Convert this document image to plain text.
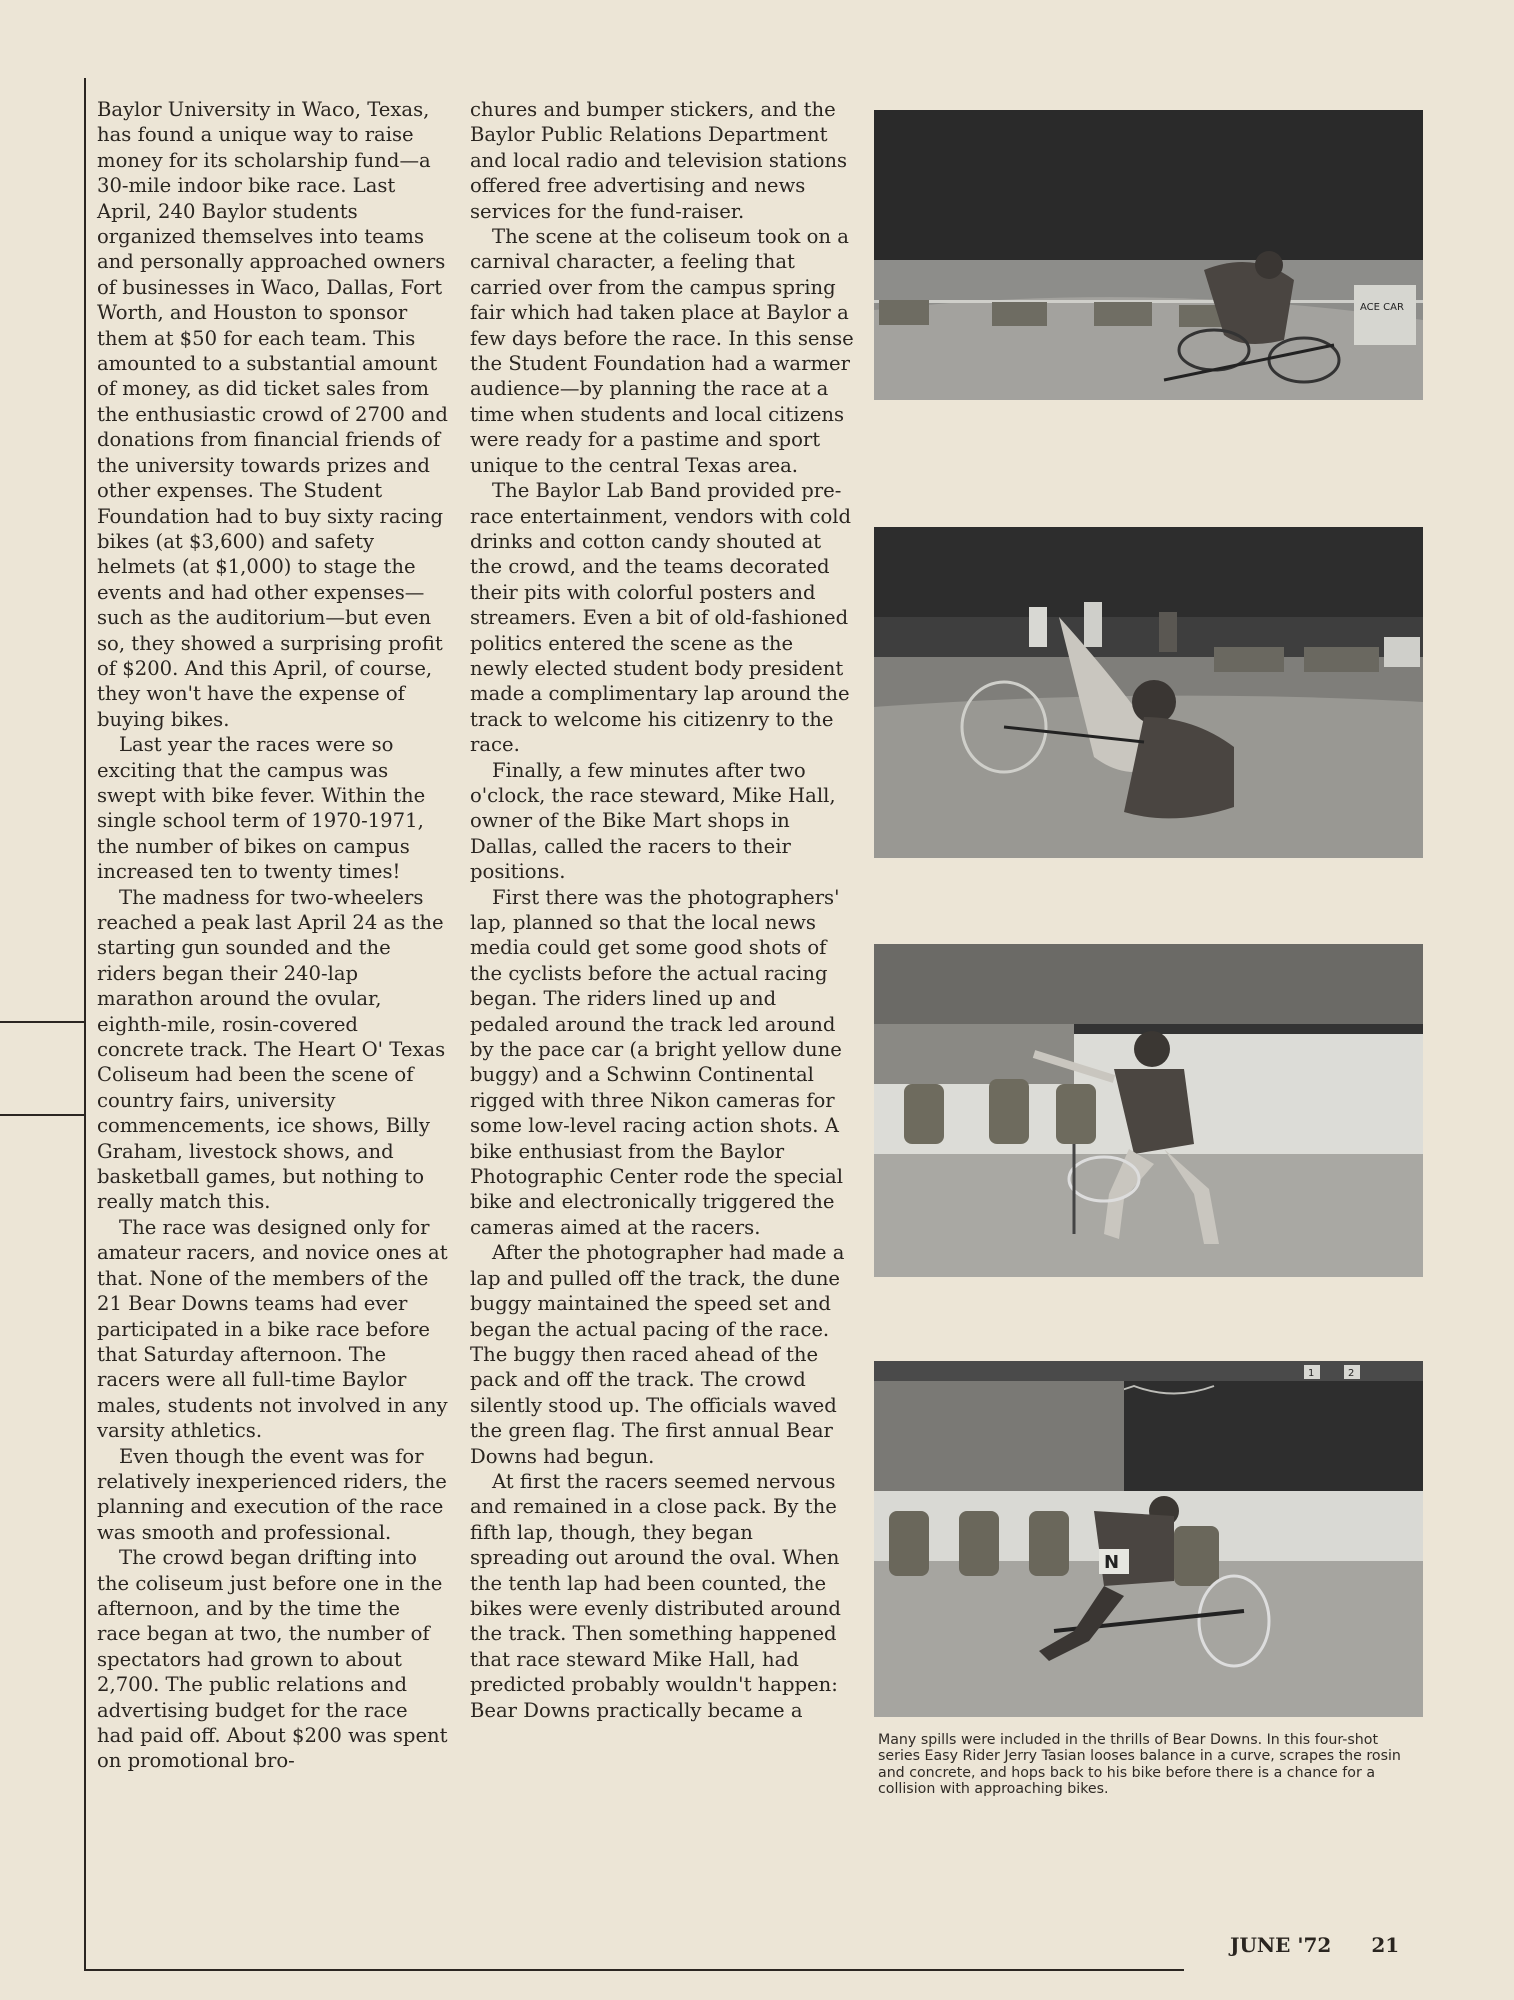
Baylor University in Waco, Texas, has found a unique way to raise money for its scholarship fund—a 30-mile indoor bike race. Last April, 240 Baylor students organized themselves into teams and personally approached owners of businesses in Waco, Dallas, Fort Worth, and Houston to sponsor them at $50 for each team. This amounted to a substantial amount of money, as did ticket sales from the enthusiastic crowd of 2700 and donations from financial friends of the university towards prizes and other expenses. The Student Foundation had to buy sixty racing bikes (at $3,600) and safety helmets (at $1,000) to stage the events and had other expenses—such as the auditorium—but even so, they showed a surprising profit of $200. And this April, of course, they won't have the expense of buying bikes.

Last year the races were so exciting that the campus was swept with bike fever. Within the single school term of 1970-1971, the number of bikes on campus increased ten to twenty times!

The madness for two-wheelers reached a peak last April 24 as the starting gun sounded and the riders began their 240-lap marathon around the ovular, eighth-mile, rosin-covered concrete track. The Heart O' Texas Coliseum had been the scene of country fairs, university commencements, ice shows, Billy Graham, livestock shows, and basketball games, but nothing to really match this.

The race was designed only for amateur racers, and novice ones at that. None of the members of the 21 Bear Downs teams had ever participated in a bike race before that Saturday afternoon. The racers were all full-time Baylor males, students not involved in any varsity athletics.

Even though the event was for relatively inexperienced riders, the planning and execution of the race was smooth and professional.

The crowd began drifting into the coliseum just before one in the afternoon, and by the time the race began at two, the number of spectators had grown to about 2,700. The public relations and advertising budget for the race had paid off. About $200 was spent on promotional bro-

chures and bumper stickers, and the Baylor Public Relations Department and local radio and television stations offered free advertising and news services for the fund-raiser.

The scene at the coliseum took on a carnival character, a feeling that carried over from the campus spring fair which had taken place at Baylor a few days before the race. In this sense the Student Foundation had a warmer audience—by planning the race at a time when students and local citizens were ready for a pastime and sport unique to the central Texas area.

The Baylor Lab Band provided pre-race entertainment, vendors with cold drinks and cotton candy shouted at the crowd, and the teams decorated their pits with colorful posters and streamers. Even a bit of old-fashioned politics entered the scene as the newly elected student body president made a complimentary lap around the track to welcome his citizenry to the race.

Finally, a few minutes after two o'clock, the race steward, Mike Hall, owner of the Bike Mart shops in Dallas, called the racers to their positions.

First there was the photographers' lap, planned so that the local news media could get some good shots of the cyclists before the actual racing began. The riders lined up and pedaled around the track led around by the pace car (a bright yellow dune buggy) and a Schwinn Continental rigged with three Nikon cameras for some low-level racing action shots. A bike enthusiast from the Baylor Photographic Center rode the special bike and electronically triggered the cameras aimed at the racers.

After the photographer had made a lap and pulled off the track, the dune buggy maintained the speed set and began the actual pacing of the race. The buggy then raced ahead of the pack and off the track. The crowd silently stood up. The officials waved the green flag. The first annual Bear Downs had begun.

At first the racers seemed nervous and remained in a close pack. By the fifth lap, though, they began spreading out around the oval. When the tenth lap had been counted, the bikes were evenly distributed around the track. Then something happened that race steward Mike Hall, had predicted probably wouldn't happen: Bear Downs practically became a

ACE CAR
1	2
N
Many spills were included in the thrills of Bear Downs. In this four-shot series Easy Rider Jerry Tasian looses balance in a curve, scrapes the rosin and concrete, and hops back to his bike before there is a chance for a collision with approaching bikes.
JUNE '72 21
